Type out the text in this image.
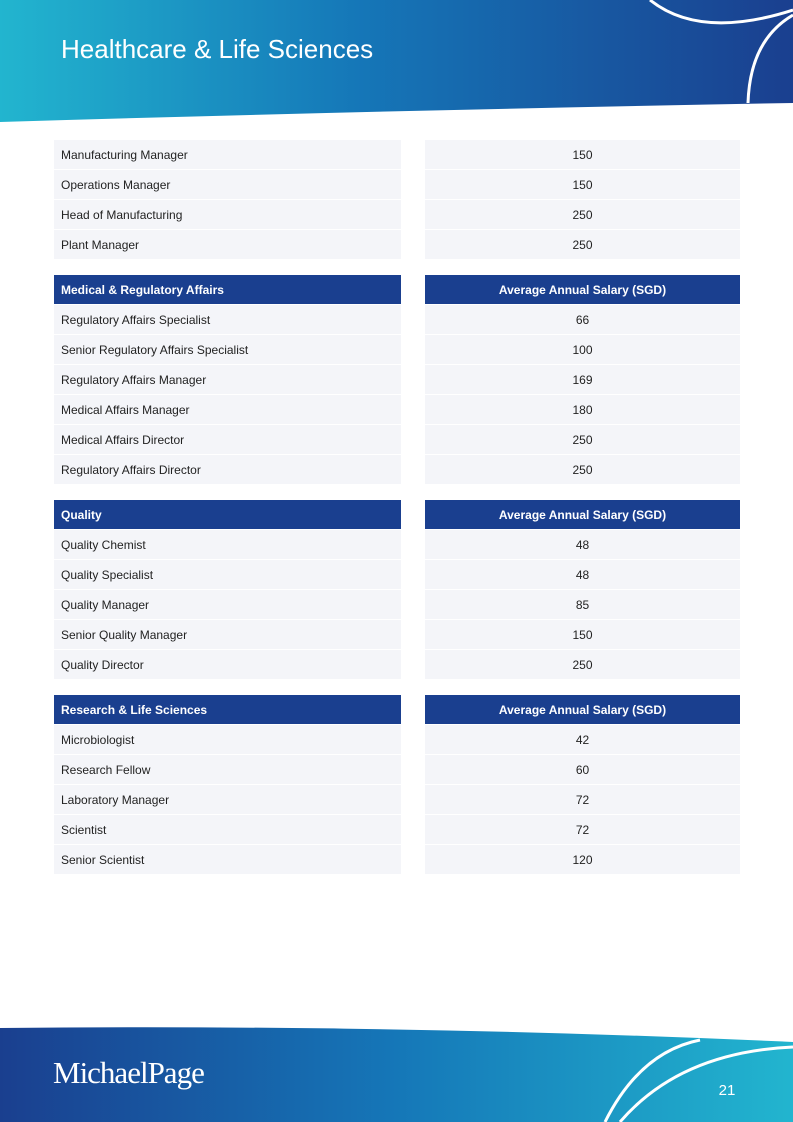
Healthcare & Life Sciences
Manufacturing Manager	150
Operations Manager	150
Head of Manufacturing	250
Plant Manager	250
Medical & Regulatory Affairs	Average Annual Salary (SGD)
Regulatory Affairs Specialist	66
Senior Regulatory Affairs Specialist	100
Regulatory Affairs Manager	169
Medical Affairs Manager	180
Medical Affairs Director	250
Regulatory Affairs Director	250
Quality	Average Annual Salary (SGD)
Quality Chemist	48
Quality Specialist	48
Quality Manager	85
Senior Quality Manager	150
Quality Director	250
Research & Life Sciences	Average Annual Salary (SGD)
Microbiologist	42
Research Fellow	60
Laboratory Manager	72
Scientist	72
Senior Scientist	120
MichaelPage
21
